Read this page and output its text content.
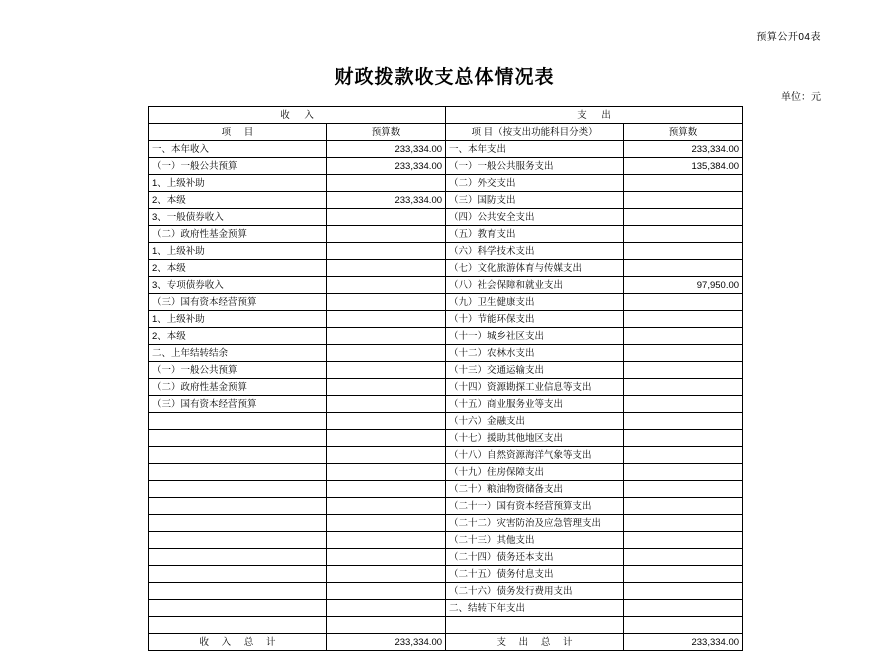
预算公开04表
财政拨款收支总体情况表
单位：元
收 入		支 出	
项 目	预算数	项 目（按支出功能科目分类）	预算数
一、本年收入	233,334.00	一、本年支出	233,334.00
（一）一般公共预算	233,334.00	（一）一般公共服务支出	135,384.00
1、上级补助		（二）外交支出	
2、本级	233,334.00	（三）国防支出	
3、一般债券收入		（四）公共安全支出	
（二）政府性基金预算		（五）教育支出	
1、上级补助		（六）科学技术支出	
2、本级		（七）文化旅游体育与传媒支出	
3、专项债券收入		（八）社会保障和就业支出	97,950.00
（三）国有资本经营预算		（九）卫生健康支出	
1、上级补助		（十）节能环保支出	
2、本级		（十一）城乡社区支出	
二、上年结转结余		（十二）农林水支出	
（一）一般公共预算		（十三）交通运输支出	
（二）政府性基金预算		（十四）资源勘探工业信息等支出	
（三）国有资本经营预算		（十五）商业服务业等支出	
		（十六）金融支出	
		（十七）援助其他地区支出	
		（十八）自然资源海洋气象等支出	
		（十九）住房保障支出	
		（二十）粮油物资储备支出	
		（二十一）国有资本经营预算支出	
		（二十二）灾害防治及应急管理支出	
		（二十三）其他支出	
		（二十四）债务还本支出	
		（二十五）债务付息支出	
		（二十六）债务发行费用支出	
		二、结转下年支出	

收 入 总 计	233,334.00	支 出 总 计	233,334.00
